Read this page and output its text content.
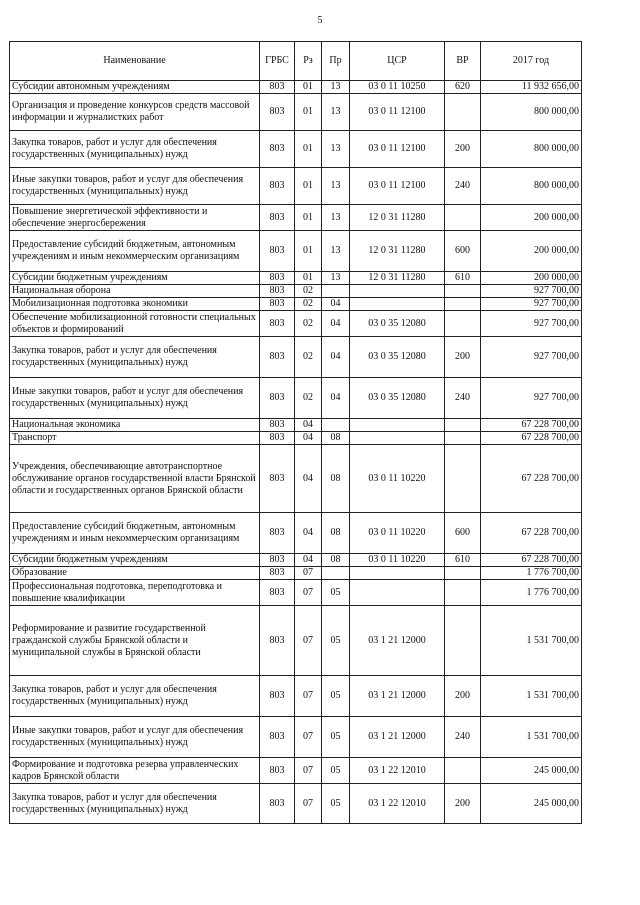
5
Наименование	ГРБС	Рз	Пр	ЦСР	ВР	2017 год
Субсидии автономным учреждениям	803	01	13	03 0 11 10250	620	11 932 656,00
Организация и проведение конкурсов средств массовой информации и журналистких работ	803	01	13	03 0 11 12100		800 000,00
Закупка товаров, работ и услуг для обеспечения государственных (муниципальных) нужд	803	01	13	03 0 11 12100	200	800 000,00
Иные закупки товаров, работ и услуг для обеспечения государственных (муниципальных) нужд	803	01	13	03 0 11 12100	240	800 000,00
Повышение энергетической эффективности и обеспечение энергосбережения	803	01	13	12 0 31 11280		200 000,00
Предоставление субсидий бюджетным, автономным учреждениям и иным некоммерческим организациям	803	01	13	12 0 31 11280	600	200 000,00
Субсидии бюджетным учреждениям	803	01	13	12 0 31 11280	610	200 000,00
Национальная оборона	803	02				927 700,00
Мобилизационная подготовка экономики	803	02	04			927 700,00
Обеспечение мобилизационной готовности специальных объектов и формирований	803	02	04	03 0 35 12080		927 700,00
Закупка товаров, работ и услуг для обеспечения государственных (муниципальных) нужд	803	02	04	03 0 35 12080	200	927 700,00
Иные закупки товаров, работ и услуг для обеспечения государственных (муниципальных) нужд	803	02	04	03 0 35 12080	240	927 700,00
Национальная экономика	803	04				67 228 700,00
Транспорт	803	04	08			67 228 700,00
Учреждения, обеспечивающие автотранспортное обслуживание органов государственной власти Брянской области и государственных органов Брянской области	803	04	08	03 0 11 10220		67 228 700,00
Предоставление субсидий бюджетным, автономным учреждениям и иным некоммерческим организациям	803	04	08	03 0 11 10220	600	67 228 700,00
Субсидии бюджетным учреждениям	803	04	08	03 0 11 10220	610	67 228 700,00
Образование	803	07				1 776 700,00
Профессиональная подготовка, переподготовка и повышение квалификации	803	07	05			1 776 700,00
Реформирование и развитие государственной гражданской службы Брянской области и муниципальной службы в Брянской области	803	07	05	03 1 21 12000		1 531 700,00
Закупка товаров, работ и услуг для обеспечения государственных (муниципальных) нужд	803	07	05	03 1 21 12000	200	1 531 700,00
Иные закупки товаров, работ и услуг для обеспечения государственных (муниципальных) нужд	803	07	05	03 1 21 12000	240	1 531 700,00
Формирование и подготовка резерва управленческих кадров Брянской области	803	07	05	03 1 22 12010		245 000,00
Закупка товаров, работ и услуг для обеспечения государственных (муниципальных) нужд	803	07	05	03 1 22 12010	200	245 000,00
